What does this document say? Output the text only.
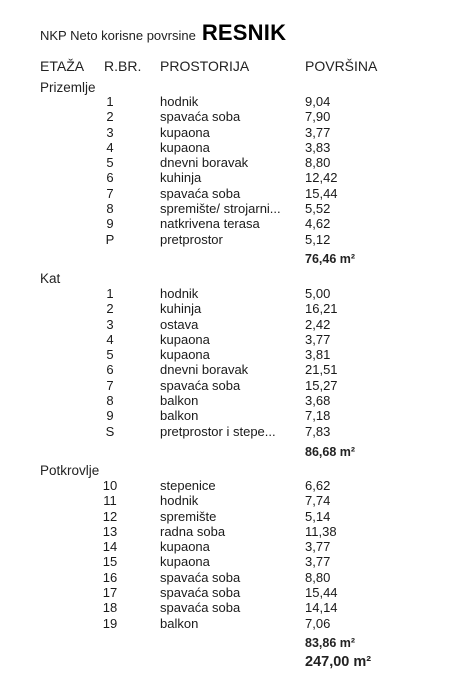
NKP Neto korisne povrsine RESNIK
ETAŽA R.BR. PROSTORIJA	POVRŠINA
Prizemlje
1	hodnik	9,04
2	spavaća soba	7,90
3	kupaona	3,77
4	kupaona	3,83
5	dnevni boravak	8,80
6	kuhinja	12,42
7	spavaća soba	15,44
8	spremište/ strojarni...	5,52
9	natkrivena terasa	4,62
P	pretprostor	5,12
76,46 m²
Kat
1	hodnik	5,00
2	kuhinja	16,21
3	ostava	2,42
4	kupaona	3,77
5	kupaona	3,81
6	dnevni boravak	21,51
7	spavaća soba	15,27
8	balkon	3,68
9	balkon	7,18
S	pretprostor i stepe...	7,83
86,68 m²
Potkrovlje
10	stepenice	6,62
11	hodnik	7,74
12	spremište	5,14
13	radna soba	11,38
14	kupaona	3,77
15	kupaona	3,77
16	spavaća soba	8,80
17	spavaća soba	15,44
18	spavaća soba	14,14
19	balkon	7,06
83,86 m²
247,00 m²
